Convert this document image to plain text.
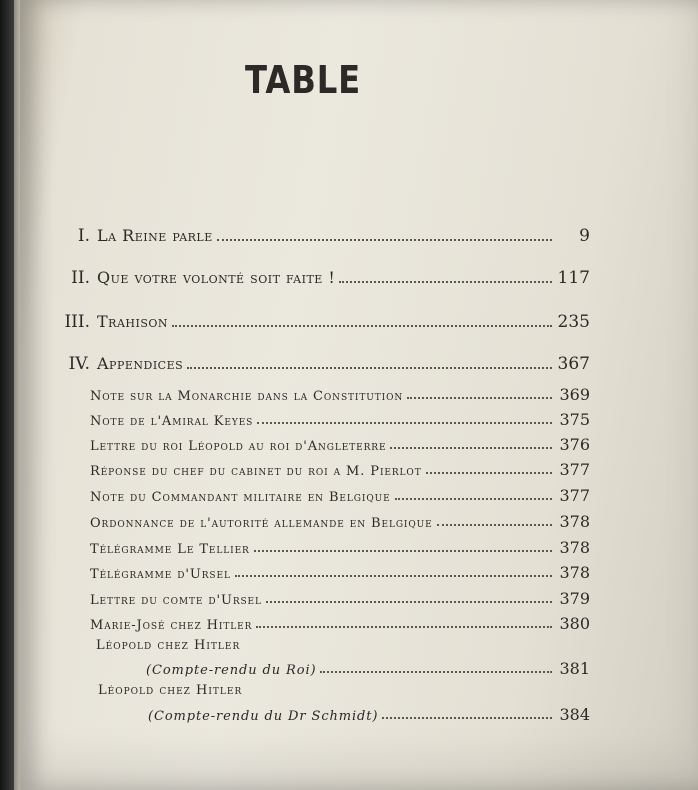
TABLE
I. La Reine parle	9
II. Que votre volonté soit faite !	117
III. Trahison	235
IV. Appendices	367
Note sur la Monarchie dans la Constitution	369
Note de l'Amiral Keyes	375
Lettre du roi Léopold au roi d'Angleterre	376
Réponse du chef du cabinet du roi a M. Pierlot	377
Note du Commandant militaire en Belgique	377
Ordonnance de l'autorité allemande en Belgique	378
Télégramme Le Tellier	378
Télégramme d'Ursel	378
Lettre du comte d'Ursel	379
Marie-José chez Hitler	380
Léopold chez Hitler
(Compte-rendu du Roi)	381
Léopold chez Hitler
(Compte-rendu du Dr Schmidt)	384
